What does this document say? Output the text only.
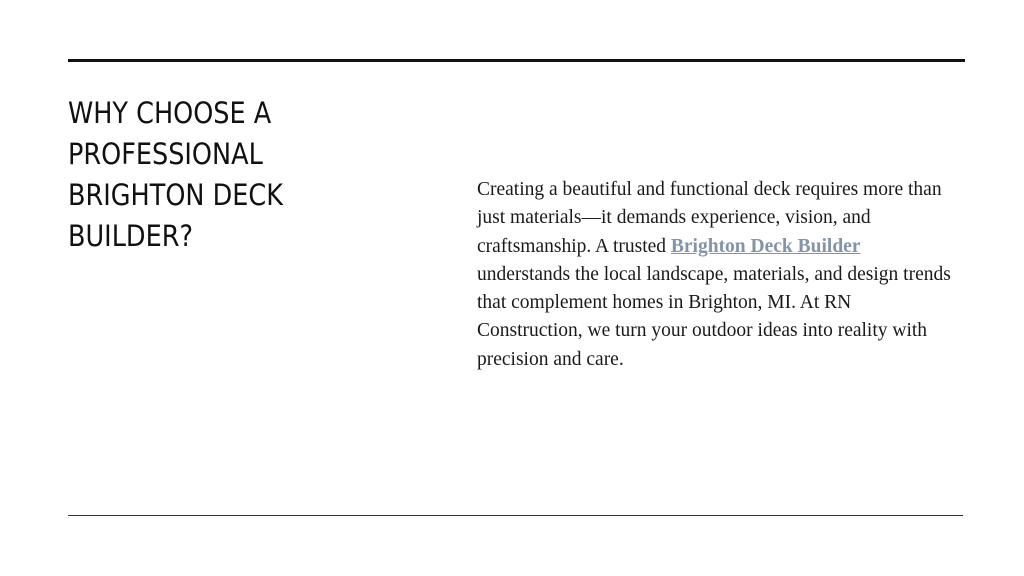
WHY CHOOSE A PROFESSIONAL BRIGHTON DECK BUILDER?

Creating a beautiful and functional deck requires more than just materials—it demands experience, vision, and craftsmanship. A trusted Brighton Deck Builder understands the local landscape, materials, and design trends that complement homes in Brighton, MI. At RN Construction, we turn your outdoor ideas into reality with precision and care.
